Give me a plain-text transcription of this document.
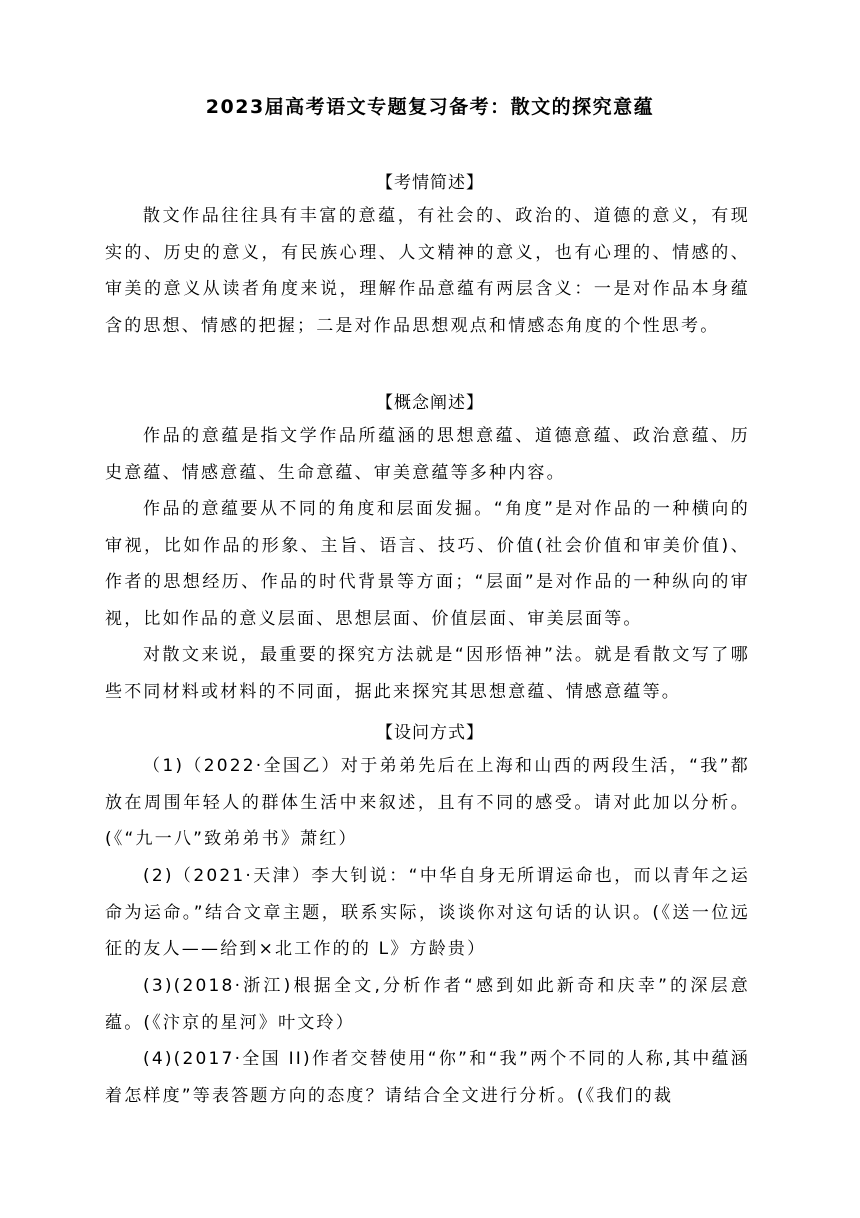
2023届高考语文专题复习备考：散文的探究意蕴
【考情简述】

散文作品往往具有丰富的意蕴，有社会的、政治的、道德的意义，有现实的、历史的意义，有民族心理、人文精神的意义，也有心理的、情感的、审美的意义从读者角度来说，理解作品意蕴有两层含义：一是对作品本身蕴含的思想、情感的把握；二是对作品思想观点和情感态角度的个性思考。

【概念阐述】

作品的意蕴是指文学作品所蕴涵的思想意蕴、道德意蕴、政治意蕴、历史意蕴、情感意蕴、生命意蕴、审美意蕴等多种内容。

作品的意蕴要从不同的角度和层面发掘。“角度”是对作品的一种横向的审视，比如作品的形象、主旨、语言、技巧、价值(社会价值和审美价值)、作者的思想经历、作品的时代背景等方面；“层面”是对作品的一种纵向的审视，比如作品的意义层面、思想层面、价值层面、审美层面等。

对散文来说，最重要的探究方法就是“因形悟神”法。就是看散文写了哪些不同材料或材料的不同面，据此来探究其思想意蕴、情感意蕴等。

【设问方式】

（1)（2022·全国乙）对于弟弟先后在上海和山西的两段生活，“我”都放在周围年轻人的群体生活中来叙述，且有不同的感受。请对此加以分析。(《“九一八”致弟弟书》萧红）

(2)（2021·天津）李大钊说：“中华自身无所谓运命也，而以青年之运命为运命。”结合文章主题，联系实际，谈谈你对这句话的认识。(《送一位远征的友人——给到×北工作的的 L》方龄贵）

(3)(2018·浙江)根据全文,分析作者“感到如此新奇和庆幸”的深层意蕴。(《汴京的星河》叶文玲）

(4)(2017·全国 II)作者交替使用“你”和“我”两个不同的人称,其中蕴涵着怎样度”等表答题方向的态度？请结合全文进行分析。(《我们的裁
